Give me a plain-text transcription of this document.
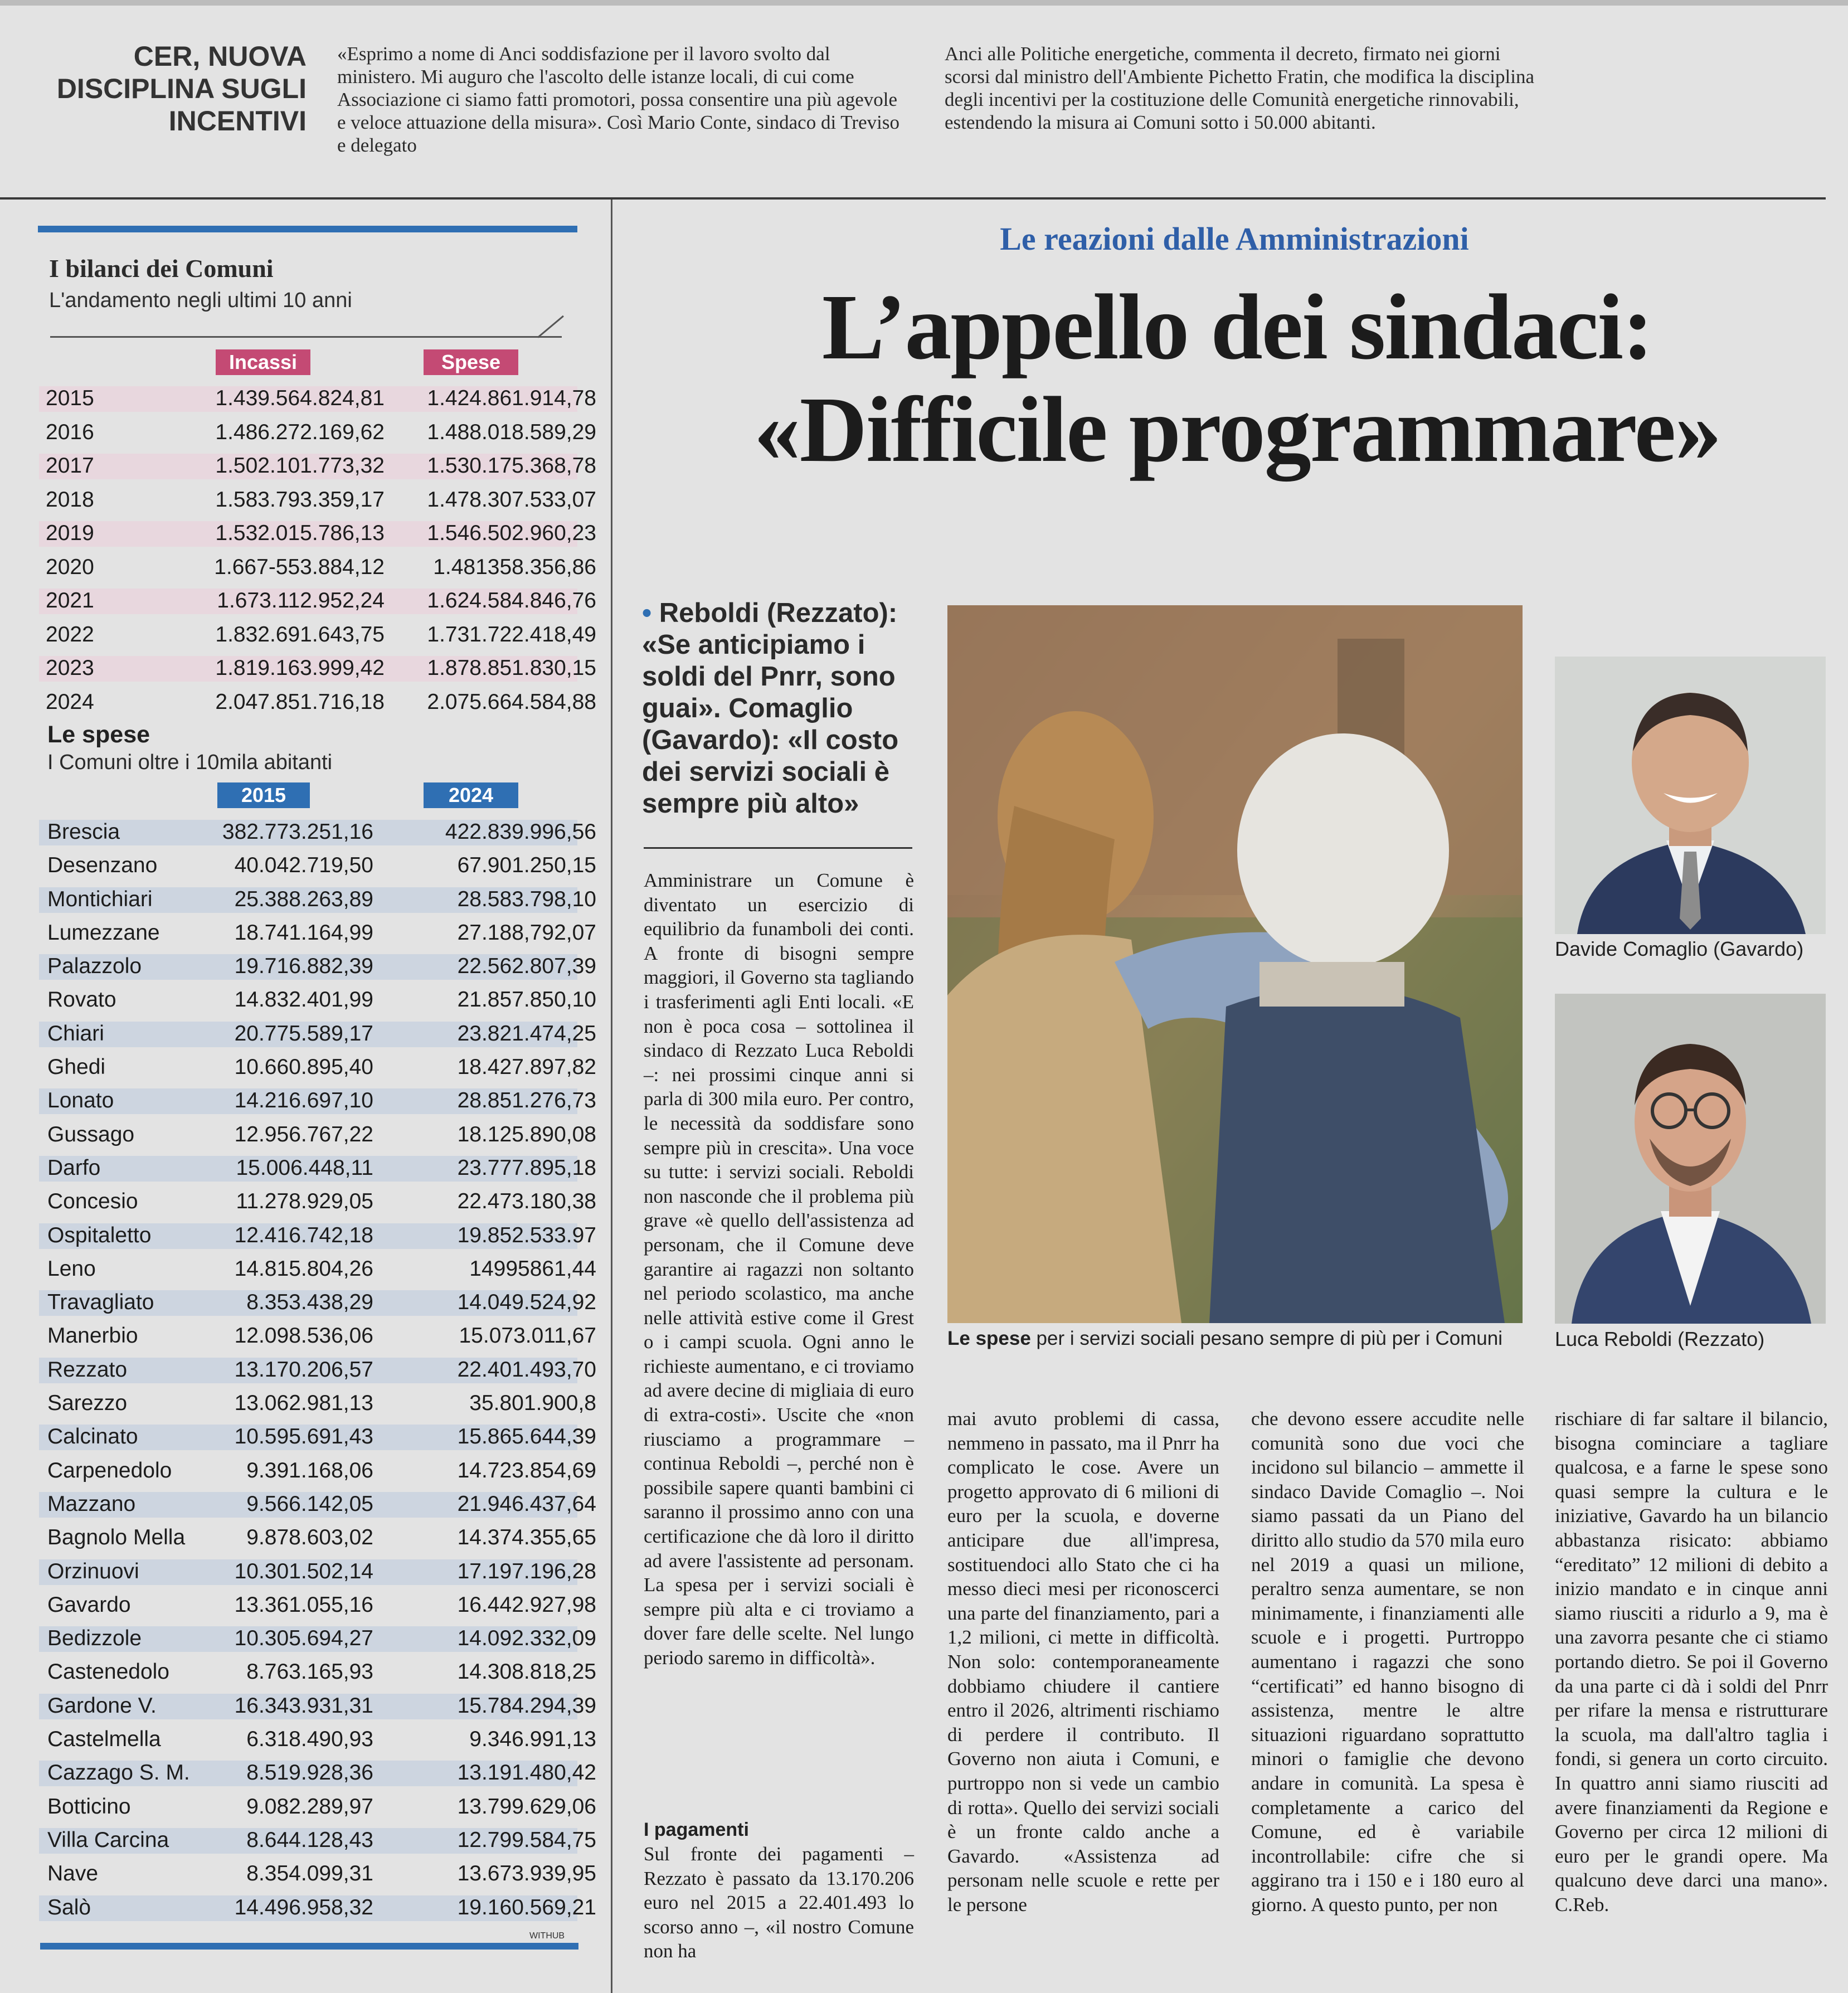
CER, NUOVA DISCIPLINA SUGLI INCENTIVI
«Esprimo a nome di Anci soddisfazione per il lavoro svolto dal ministero. Mi auguro che l'ascolto delle istanze locali, di cui come Associazione ci siamo fatti promotori, possa consentire una più agevole e veloce attuazione della misura». Così Mario Conte, sindaco di Treviso e delegato
Anci alle Politiche energetiche, commenta il decreto, firmato nei giorni scorsi dal ministro dell'Ambiente Pichetto Fratin, che modifica la disciplina degli incentivi per la costituzione delle Comunità energetiche rinnovabili, estendendo la misura ai Comuni sotto i 50.000 abitanti.
I bilanci dei Comuni
L'andamento negli ultimi 10 anni
Incassi	Spese
2015	1.439.564.824,81	1.424.861.914,78
2016	1.486.272.169,62	1.488.018.589,29
2017	1.502.101.773,32	1.530.175.368,78
2018	1.583.793.359,17	1.478.307.533,07
2019	1.532.015.786,13	1.546.502.960,23
2020	1.667-553.884,12	1.481358.356,86
2021	1.673.112.952,24	1.624.584.846,76
2022	1.832.691.643,75	1.731.722.418,49
2023	1.819.163.999,42	1.878.851.830,15
2024	2.047.851.716,18	2.075.664.584,88
Le spese
I Comuni oltre i 10mila abitanti
2015	2024
Brescia	382.773.251,16	422.839.996,56
Desenzano	40.042.719,50	67.901.250,15
Montichiari	25.388.263,89	28.583.798,10
Lumezzane	18.741.164,99	27.188,792,07
Palazzolo	19.716.882,39	22.562.807,39
Rovato	14.832.401,99	21.857.850,10
Chiari	20.775.589,17	23.821.474,25
Ghedi	10.660.895,40	18.427.897,82
Lonato	14.216.697,10	28.851.276,73
Gussago	12.956.767,22	18.125.890,08
Darfo	15.006.448,11	23.777.895,18
Concesio	11.278.929,05	22.473.180,38
Ospitaletto	12.416.742,18	19.852.533.97
Leno	14.815.804,26	14995861,44
Travagliato	8.353.438,29	14.049.524,92
Manerbio	12.098.536,06	15.073.011,67
Rezzato	13.170.206,57	22.401.493,70
Sarezzo	13.062.981,13	35.801.900,8
Calcinato	10.595.691,43	15.865.644,39
Carpenedolo	9.391.168,06	14.723.854,69
Mazzano	9.566.142,05	21.946.437,64
Bagnolo Mella	9.878.603,02	14.374.355,65
Orzinuovi	10.301.502,14	17.197.196,28
Gavardo	13.361.055,16	16.442.927,98
Bedizzole	10.305.694,27	14.092.332,09
Castenedolo	8.763.165,93	14.308.818,25
Gardone V.	16.343.931,31	15.784.294,39
Castelmella	6.318.490,93	9.346.991,13
Cazzago S. M.	8.519.928,36	13.191.480,42
Botticino	9.082.289,97	13.799.629,06
Villa Carcina	8.644.128,43	12.799.584,75
Nave	8.354.099,31	13.673.939,95
Salò	14.496.958,32	19.160.569,21
WITHUB
Le reazioni dalle Amministrazioni
L’appello dei sindaci:
«Difficile programmare»
• Reboldi (Rezzato): «Se anticipiamo i soldi del Pnrr, sono guai». Comaglio (Gavardo): «Il costo dei servizi sociali è sempre più alto»
Amministrare un Comune è diventato un esercizio di equilibrio da funamboli dei conti. A fronte di bisogni sempre maggiori, il Governo sta tagliando i trasferimenti agli Enti locali. «E non è poca cosa – sottolinea il sindaco di Rezzato Luca Reboldi –: nei prossimi cinque anni si parla di 300 mila euro. Per contro, le necessità da soddisfare sono sempre più in crescita». Una voce su tutte: i servizi sociali. Reboldi non nasconde che il problema più grave «è quello dell'assistenza ad personam, che il Comune deve garantire ai ragazzi non soltanto nel periodo scolastico, ma anche nelle attività estive come il Grest o i campi scuola. Ogni anno le richieste aumentano, e ci troviamo ad avere decine di migliaia di euro di extra-costi». Uscite che «non riusciamo a programmare – continua Reboldi –, perché non è possibile sapere quanti bambini ci saranno il prossimo anno con una certificazione che dà loro il diritto ad avere l'assistente ad personam. La spesa per i servizi sociali è sempre più alta e ci troviamo a dover fare delle scelte. Nel lungo periodo saremo in difficoltà».
I pagamenti
Sul fronte dei pagamenti – Rezzato è passato da 13.170.206 euro nel 2015 a 22.401.493 lo scorso anno –, «il nostro Comune non ha
mai avuto problemi di cassa, nemmeno in passato, ma il Pnrr ha complicato le cose. Avere un progetto approvato di 6 milioni di euro per la scuola, e doverne anticipare due all'impresa, sostituendoci allo Stato che ci ha messo dieci mesi per riconoscerci una parte del finanziamento, pari a 1,2 milioni, ci mette in difficoltà. Non solo: contemporaneamente dobbiamo chiudere il cantiere entro il 2026, altrimenti rischiamo di perdere il contributo. Il Governo non aiuta i Comuni, e purtroppo non si vede un cambio di rotta». Quello dei servizi sociali è un fronte caldo anche a Gavardo. «Assistenza ad personam nelle scuole e rette per le persone
che devono essere accudite nelle comunità sono due voci che incidono sul bilancio – ammette il sindaco Davide Comaglio –. Noi siamo passati da un Piano del diritto allo studio da 570 mila euro nel 2019 a quasi un milione, peraltro senza aumentare, se non minimamente, i finanziamenti alle scuole e i progetti. Purtroppo aumentano i ragazzi che sono “certificati” ed hanno bisogno di assistenza, mentre le altre situazioni riguardano soprattutto minori o famiglie che devono andare in comunità. La spesa è completamente a carico del Comune, ed è variabile incontrollabile: cifre che si aggirano tra i 150 e i 180 euro al giorno. A questo punto, per non
rischiare di far saltare il bilancio, bisogna cominciare a tagliare qualcosa, e a farne le spese sono quasi sempre la cultura e le iniziative, Gavardo ha un bilancio abbastanza risicato: abbiamo “ereditato” 12 milioni di debito a inizio mandato e in cinque anni siamo riusciti a ridurlo a 9, ma è una zavorra pesante che ci stiamo portando dietro. Se poi il Governo da una parte ci dà i soldi del Pnrr per rifare la mensa e ristrutturare la scuola, ma dall'altro taglia i fondi, si genera un corto circuito. In quattro anni siamo riusciti ad avere finanziamenti da Regione e Governo per circa 12 milioni di euro per le grandi opere. Ma qualcuno deve darci una mano». C.Reb.
Le spese per i servizi sociali pesano sempre di più per i Comuni
Davide Comaglio (Gavardo)
Luca Reboldi (Rezzato)
